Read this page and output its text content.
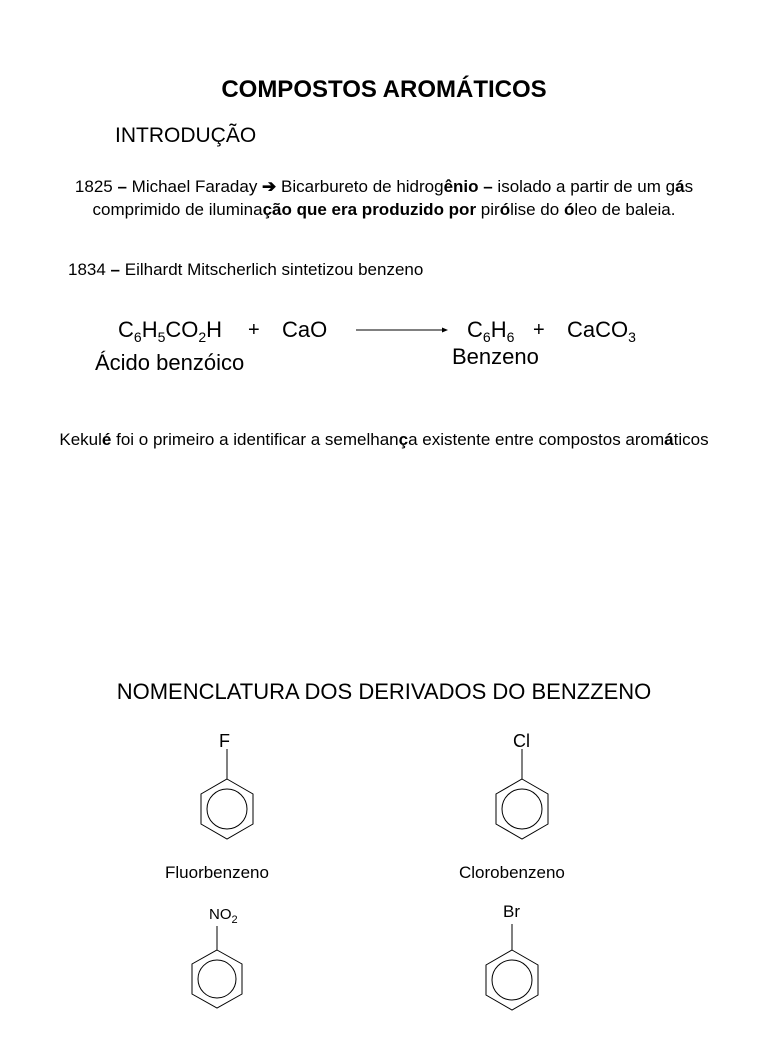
COMPOSTOS AROMÁTICOS
INTRODUÇÃO
1825 – Michael Faraday ➔ Bicarbureto de hidrogênio – isolado a partir de um gás comprimido de iluminação que era produzido por pirólise do óleo de baleia.
1834 – Eilhardt Mitscherlich sintetizou benzeno
$C_6H_5CO_2H$ + CaO	$C_6H_6$ + CaCO$_3$
Ácido benzóico	Benzeno
Kekulé foi o primeiro a identificar a semelhança existente entre compostos aromáticos
NOMENCLATURA DOS DERIVADOS DO BENZZENO
F
Fluorbenzeno
Cl
Clorobenzeno
$NO_2$	Br
